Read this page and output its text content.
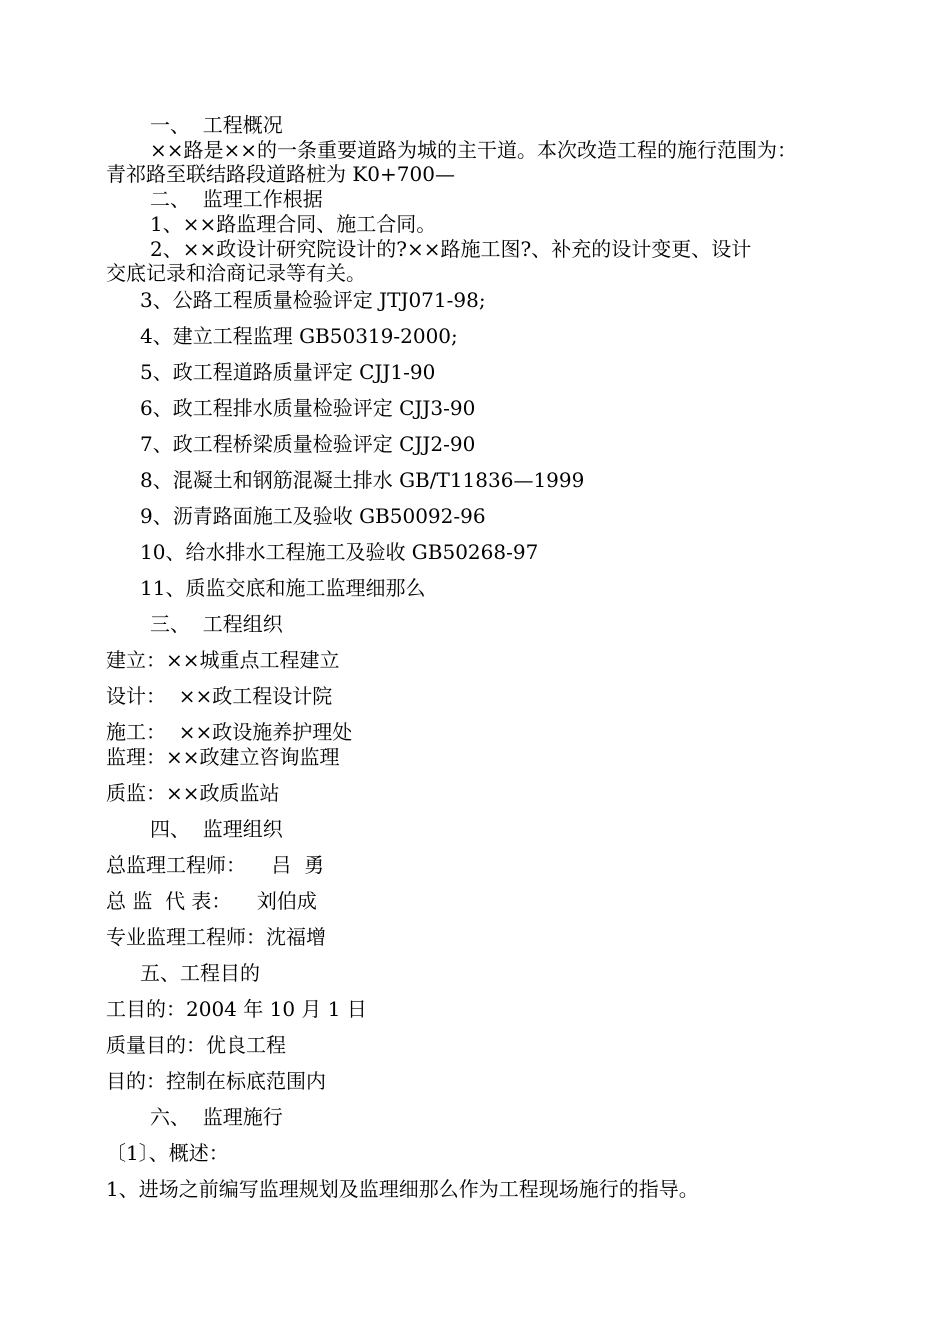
一、  工程概况
××路是××的一条重要道路为城的主干道。本次改造工程的施行范围为：
青祁路至联结路段道路桩为 K0+700—
二、  监理工作根据
1、××路监理合同、施工合同。
2、××政设计研究院设计的?××路施工图?、补充的设计变更、设计
交底记录和洽商记录等有关。
3、公路工程质量检验评定 JTJ071-98;
4、建立工程监理 GB50319-2000;
5、政工程道路质量评定 CJJ1-90
6、政工程排水质量检验评定 CJJ3-90
7、政工程桥梁质量检验评定 CJJ2-90
8、混凝土和钢筋混凝土排水 GB/T11836—1999
9、沥青路面施工及验收 GB50092-96
10、给水排水工程施工及验收 GB50268-97
11、质监交底和施工监理细那么
三、  工程组织
建立：××城重点工程建立
设计：  ××政工程设计院
施工：  ××政设施养护理处
监理：××政建立咨询监理
质监：××政质监站
四、  监理组织
总监理工程师：    吕  勇
总 监  代 表：    刘伯成
专业监理工程师：沈福增
五、工程目的
工目的：2004 年 10 月 1 日
质量目的：优良工程
目的：控制在标底范围内
六、  监理施行
〔1〕、概述：
1、进场之前编写监理规划及监理细那么作为工程现场施行的指导。
